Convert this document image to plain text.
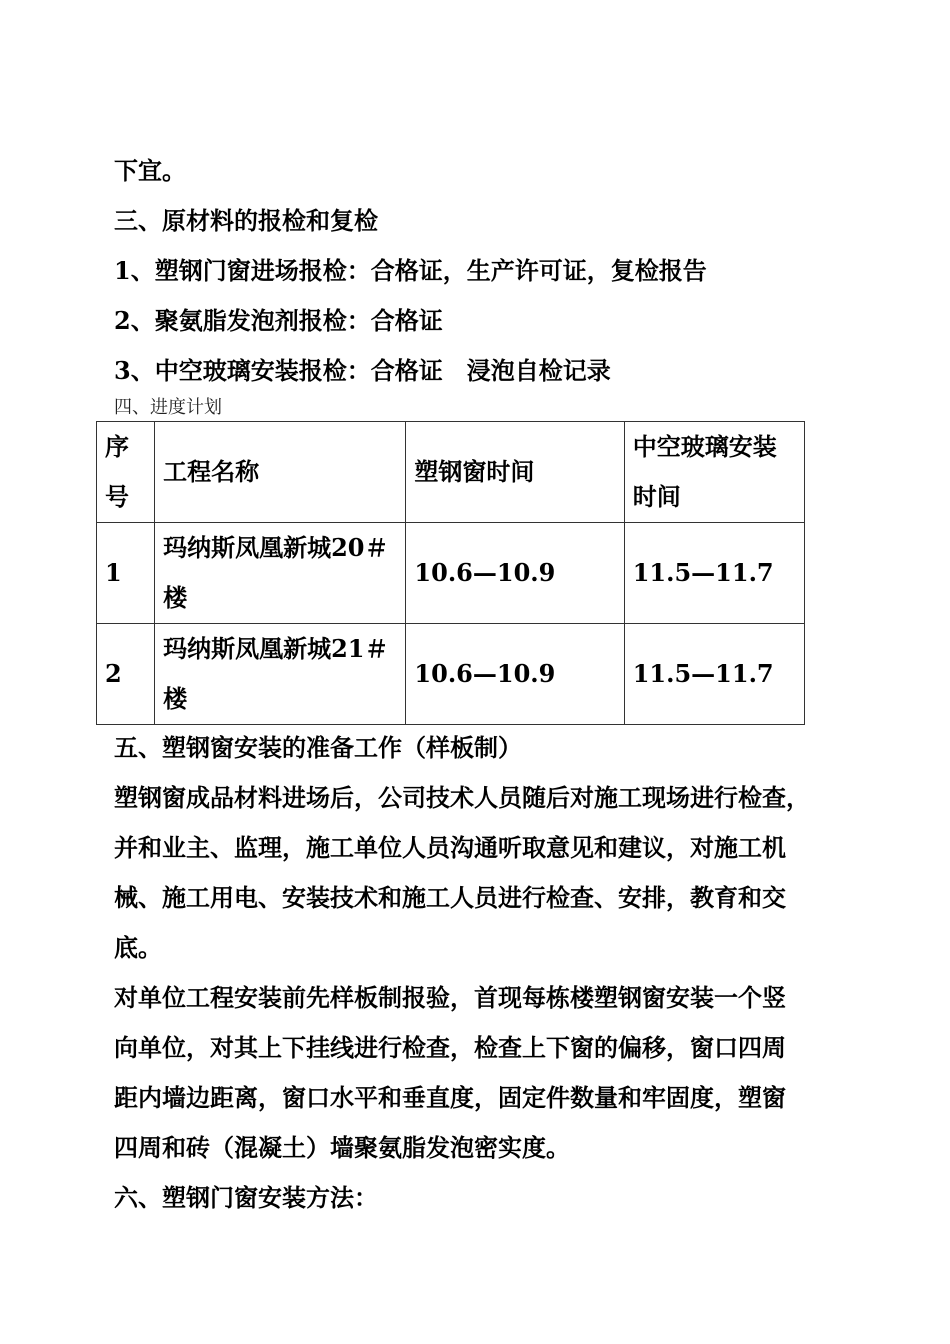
下宜。

三、原材料的报检和复检

1、塑钢门窗进场报检：合格证，生产许可证，复检报告

2、聚氨脂发泡剂报检：合格证

3、中空玻璃安装报检：合格证　浸泡自检记录

四、进度计划

序号	工程名称	塑钢窗时间	中空玻璃安装时间
1	玛纳斯凤凰新城20＃楼	10.6—10.9	11.5—11.7
2	玛纳斯凤凰新城21＃楼	10.6—10.9	11.5—11.7

五、塑钢窗安装的准备工作（样板制）

塑钢窗成品材料进场后，公司技术人员随后对施工现场进行检查，

并和业主、监理，施工单位人员沟通听取意见和建议，对施工机

械、施工用电、安装技术和施工人员进行检查、安排，教育和交

底。

对单位工程安装前先样板制报验，首现每栋楼塑钢窗安装一个竖

向单位，对其上下挂线进行检查，检查上下窗的偏移，窗口四周

距内墙边距离，窗口水平和垂直度，固定件数量和牢固度，塑窗

四周和砖（混凝土）墙聚氨脂发泡密实度。

六、塑钢门窗安装方法：
